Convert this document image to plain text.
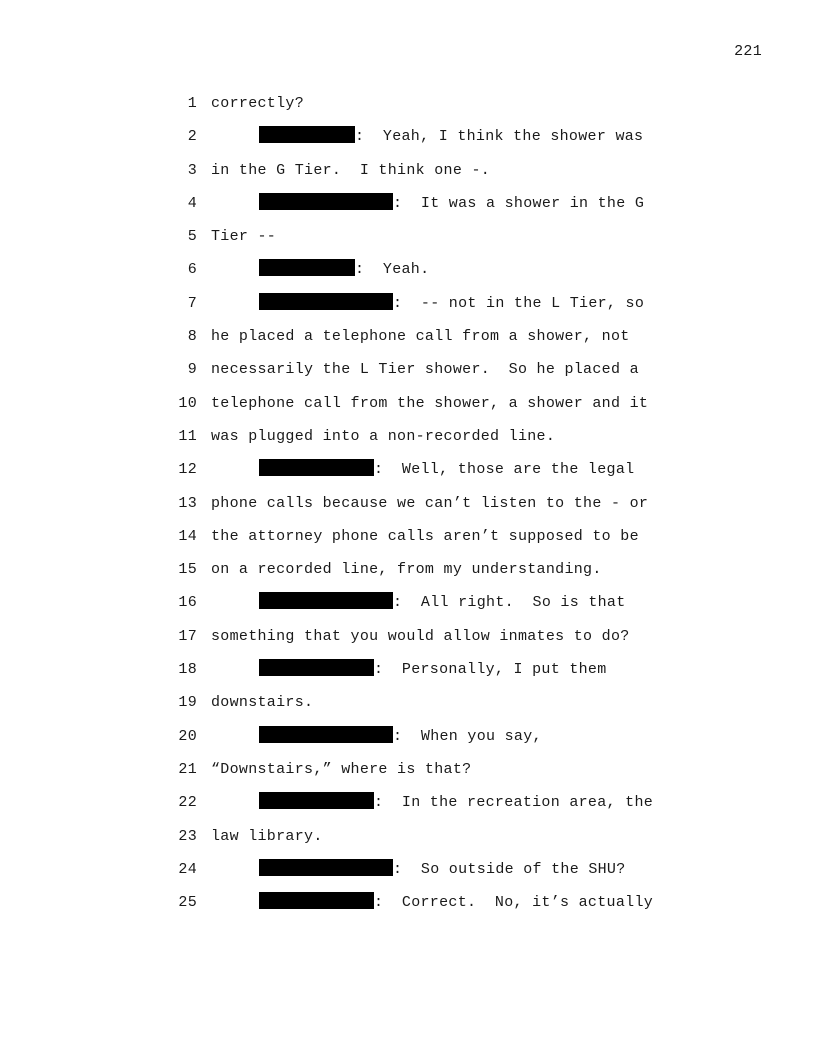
221
1 correctly?
2	:  Yeah, I think the shower was
3 in the G Tier.  I think one -.
4	:  It was a shower in the G
5 Tier --
6	:  Yeah.
7	:  -- not in the L Tier, so
8 he placed a telephone call from a shower, not
9 necessarily the L Tier shower.  So he placed a
10 telephone call from the shower, a shower and it
11 was plugged into a non-recorded line.
12	:  Well, those are the legal
13 phone calls because we can’t listen to the - or
14 the attorney phone calls aren’t supposed to be
15 on a recorded line, from my understanding.
16	:  All right.  So is that
17 something that you would allow inmates to do?
18	:  Personally, I put them
19 downstairs.
20	:  When you say,
21 “Downstairs,” where is that?
22	:  In the recreation area, the
23 law library.
24	:  So outside of the SHU?
25	:  Correct.  No, it’s actually
